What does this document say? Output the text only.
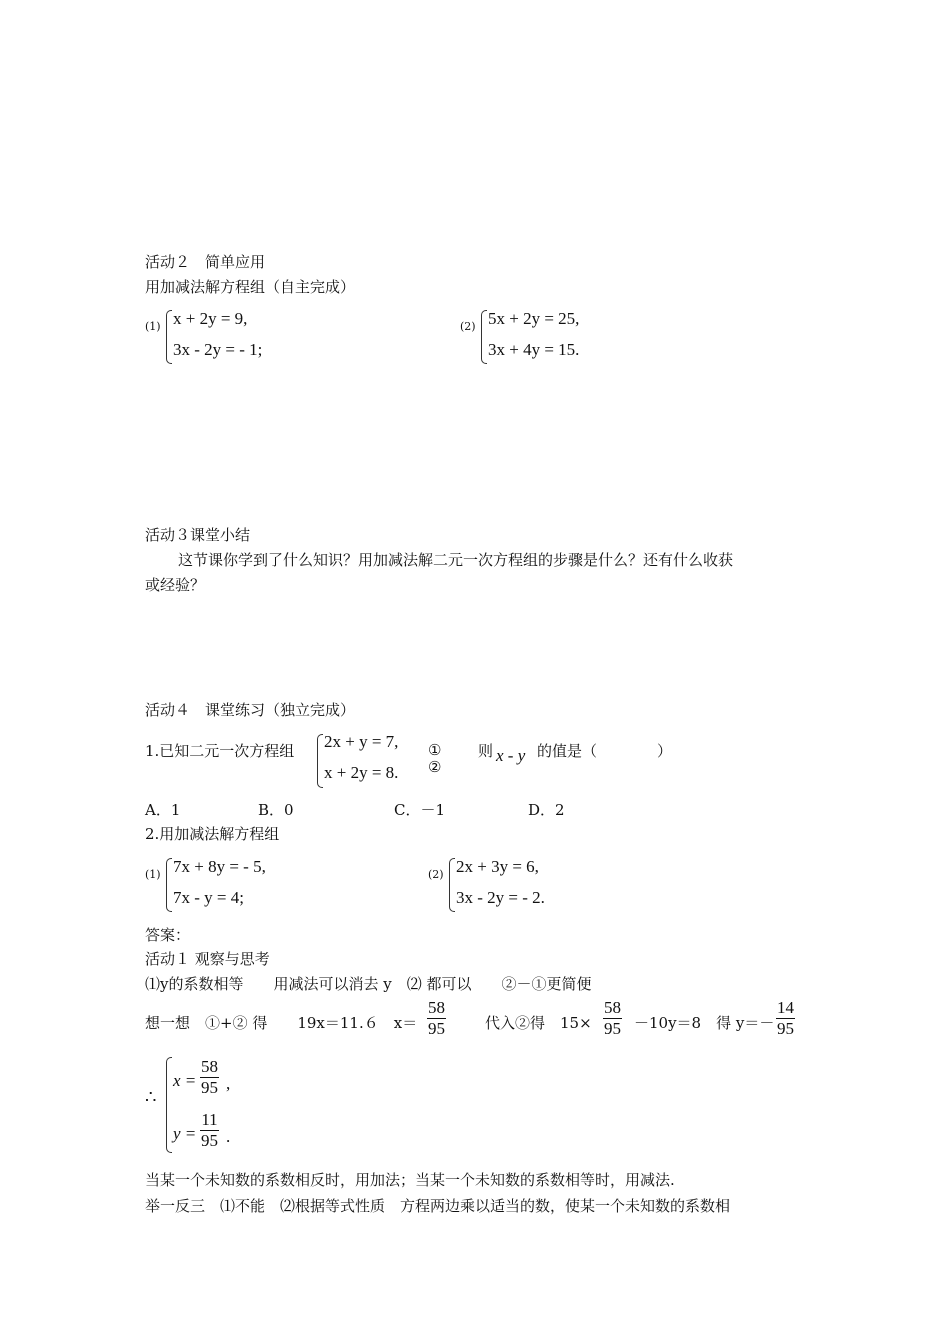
活动２　简单应用
用加减法解方程组（自主完成）
(1) x + 2y = 9,
3x - 2y = - 1;
(2) 5x + 2y = 25,
3x + 4y = 15.
活动３课堂小结
这节课你学到了什么知识？用加减法解二元一次方程组的步骤是什么？还有什么收获
或经验？
活动４　课堂练习（独立完成）
1.已知二元一次方程组 2x + y = 7,
x + 2y = 8.
①
②
则 x - y 的值是（　　　　）
A．1	B．0	C．－1	D．2
2.用加减法解方程组
(1) 7x + 8y = - 5,
7x - y = 4;
(2) 2x + 3y = 6,
3x - 2y = - 2.
答案：
活动１ 观察与思考
⑴y的系数相等　　用减法可以消去 y　⑵ 都可以　　②－①更简便
想一想　①+② 得　　19x＝11.６　$x= \frac{58}{95}$	代入②得　$15\times \frac{58}{95} -10y=8$　得 $y=- \frac{14}{95}$
∴
$x = \frac{58}{95}$ ,
$y = \frac{11}{95}$ .
当某一个未知数的系数相反时，用加法；当某一个未知数的系数相等时，用减法.
举一反三　⑴不能　⑵根据等式性质　方程两边乘以适当的数，使某一个未知数的系数相
